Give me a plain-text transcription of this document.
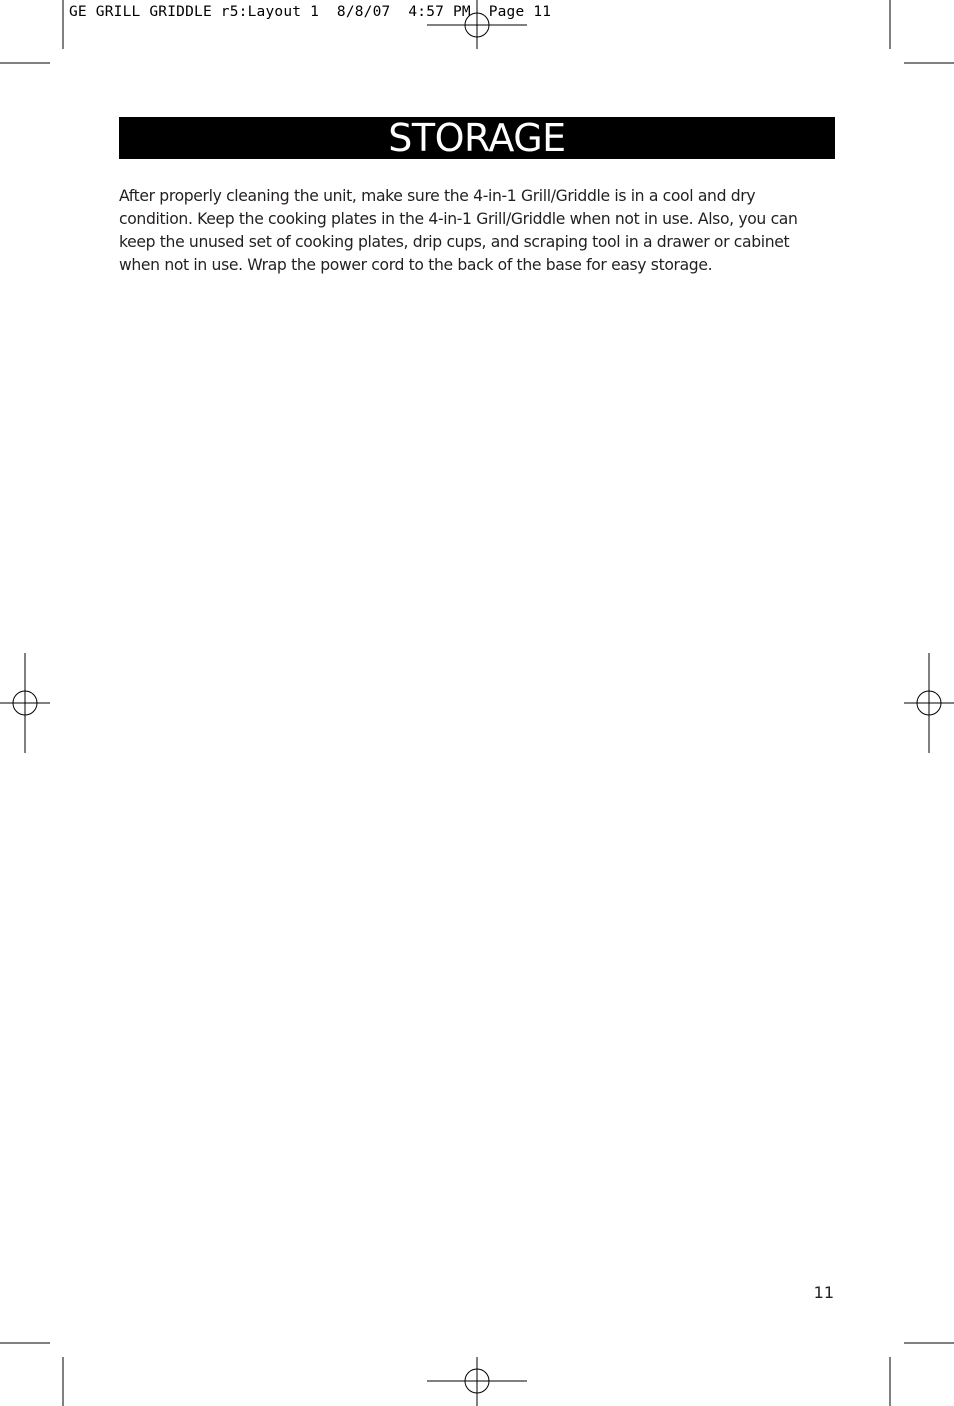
GE GRILL GRIDDLE r5:Layout 1  8/8/07  4:57 PM  Page 11
STORAGE

After properly cleaning the unit, make sure the 4-in-1 Grill/Griddle is in a cool and dry condition. Keep the cooking plates in the 4-in-1 Grill/Griddle when not in use. Also, you can keep the unused set of cooking plates, drip cups, and scraping tool in a drawer or cabinet when not in use. Wrap the power cord to the back of the base for easy storage.

11
